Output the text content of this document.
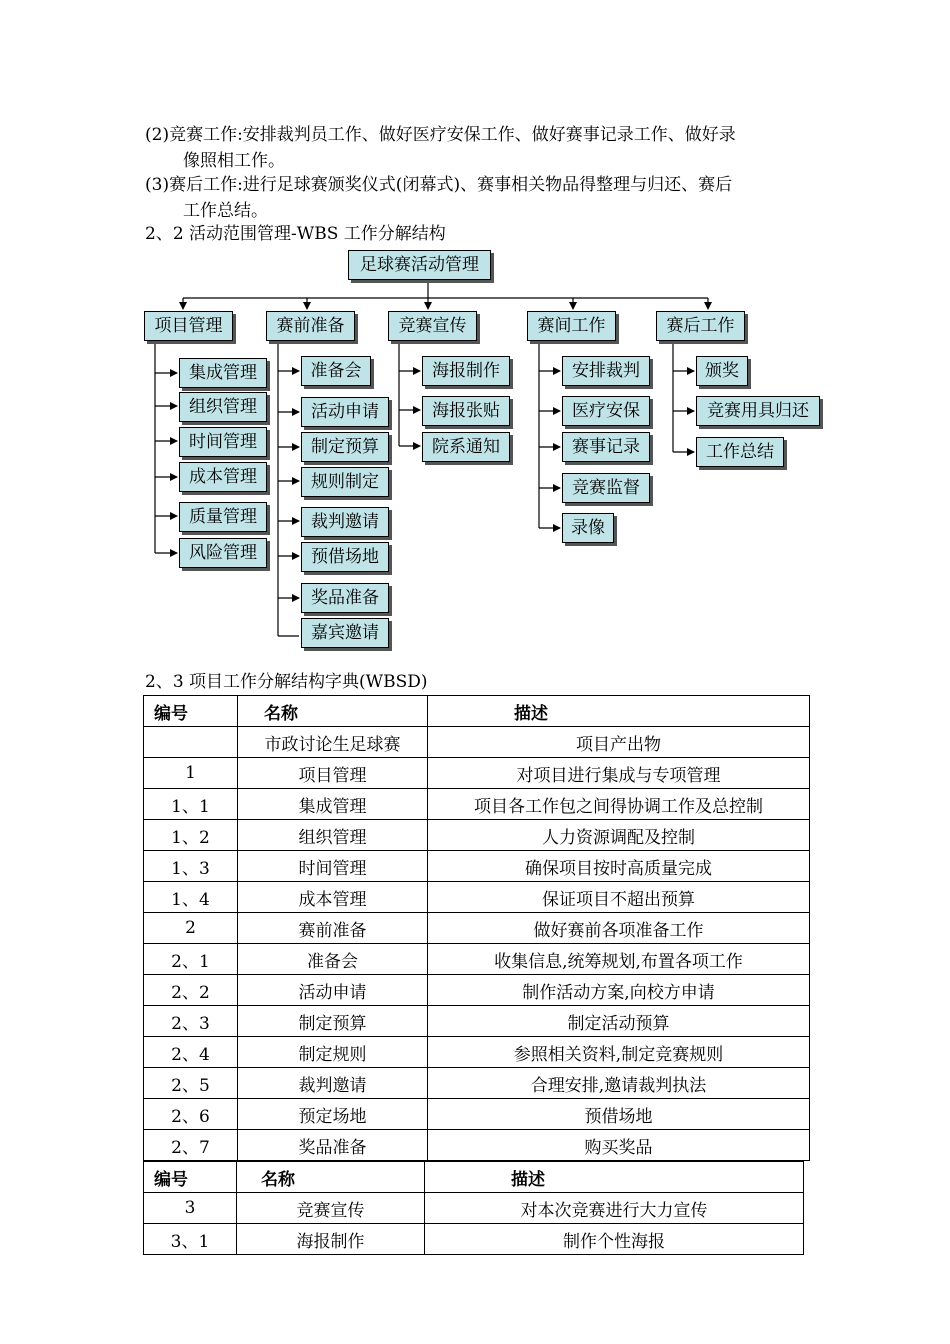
(2)竞赛工作:安排裁判员工作、做好医疗安保工作、做好赛事记录工作、做好录
像照相工作。
(3)赛后工作:进行足球赛颁奖仪式(闭幕式)、赛事相关物品得整理与归还、赛后
工作总结。
2、2 活动范围管理-WBS 工作分解结构
足球赛活动管理
项目管理	赛前准备	竞赛宣传	赛间工作	赛后工作
集成管理
组织管理
时间管理
成本管理
质量管理
风险管理
准备会
活动申请
制定预算
规则制定
裁判邀请
预借场地
奖品准备
嘉宾邀请
海报制作
海报张贴
院系通知
安排裁判
医疗安保
赛事记录
竞赛监督
录像
颁奖
竞赛用具归还
工作总结
2、3 项目工作分解结构字典(WBSD)
编号	名称	描述
	市政讨论生足球赛	项目产出物
1	项目管理	对项目进行集成与专项管理
1、1	集成管理	项目各工作包之间得协调工作及总控制
1、2	组织管理	人力资源调配及控制
1、3	时间管理	确保项目按时高质量完成
1、4	成本管理	保证项目不超出预算
2	赛前准备	做好赛前各项准备工作
2、1	准备会	收集信息,统筹规划,布置各项工作
2、2	活动申请	制作活动方案,向校方申请
2、3	制定预算	制定活动预算
2、4	制定规则	参照相关资料,制定竞赛规则
2、5	裁判邀请	合理安排,邀请裁判执法
2、6	预定场地	预借场地
2、7	奖品准备	购买奖品
编号	名称	描述
3	竞赛宣传	对本次竞赛进行大力宣传
3、1	海报制作	制作个性海报
